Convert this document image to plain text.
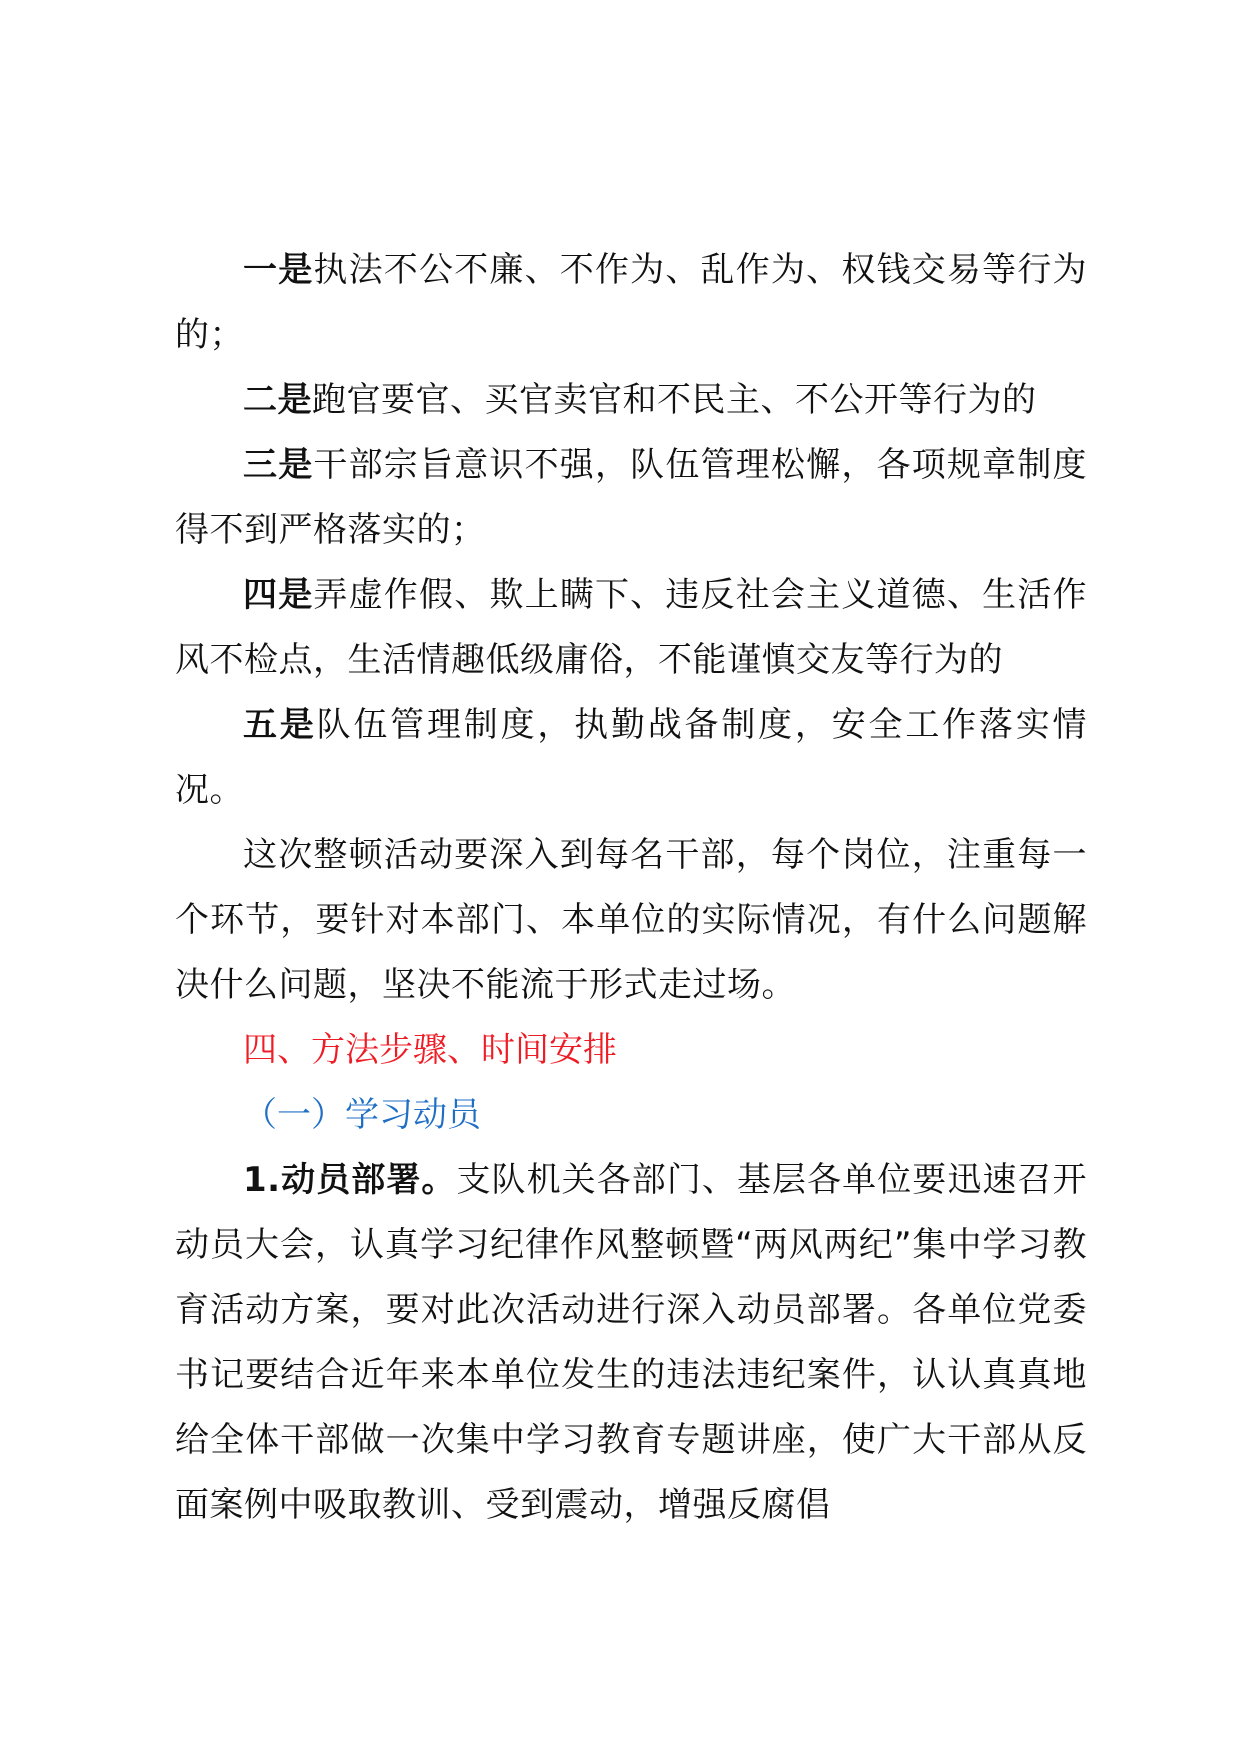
一是执法不公不廉、不作为、乱作为、权钱交易等行为的；

二是跑官要官、买官卖官和不民主、不公开等行为的

三是干部宗旨意识不强，队伍管理松懈，各项规章制度得不到严格落实的；

四是弄虚作假、欺上瞒下、违反社会主义道德、生活作风不检点，生活情趣低级庸俗，不能谨慎交友等行为的

五是队伍管理制度，执勤战备制度，安全工作落实情况。

这次整顿活动要深入到每名干部，每个岗位，注重每一个环节，要针对本部门、本单位的实际情况，有什么问题解决什么问题，坚决不能流于形式走过场。

四、方法步骤、时间安排

（一）学习动员

1.动员部署。支队机关各部门、基层各单位要迅速召开动员大会，认真学习纪律作风整顿暨“两风两纪”集中学习教育活动方案，要对此次活动进行深入动员部署。各单位党委书记要结合近年来本单位发生的违法违纪案件，认认真真地给全体干部做一次集中学习教育专题讲座，使广大干部从反面案例中吸取教训、受到震动，增强反腐倡
